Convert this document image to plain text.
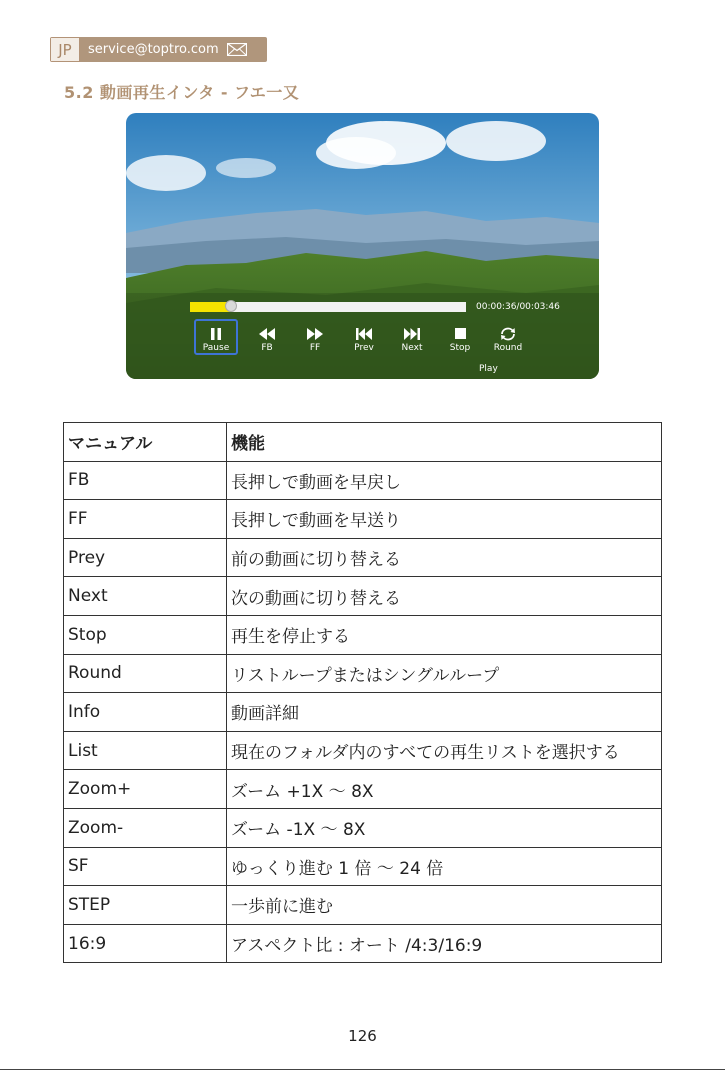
JP	service@toptro.com
5.2 動画再生インタ - フエ一又
00:00:36/00:03:46
Pause	FB	FF	Prev	Next	Stop	Round
Play
マニュアル	機能
FB	長押しで動画を早戻し
FF	長押しで動画を早送り
Prey	前の動画に切り替える
Next	次の動画に切り替える
Stop	再生を停止する
Round	リストループまたはシングルループ
Info	動画詳細
List	現在のフォルダ内のすべての再生リストを選択する
Zoom+	ズーム +1X ～ 8X
Zoom-	ズーム -1X ～ 8X
SF	ゆっくり進む 1 倍 ～ 24 倍
STEP	一歩前に進む
16:9	アスペクト比 : オート /4:3/16:9
126
